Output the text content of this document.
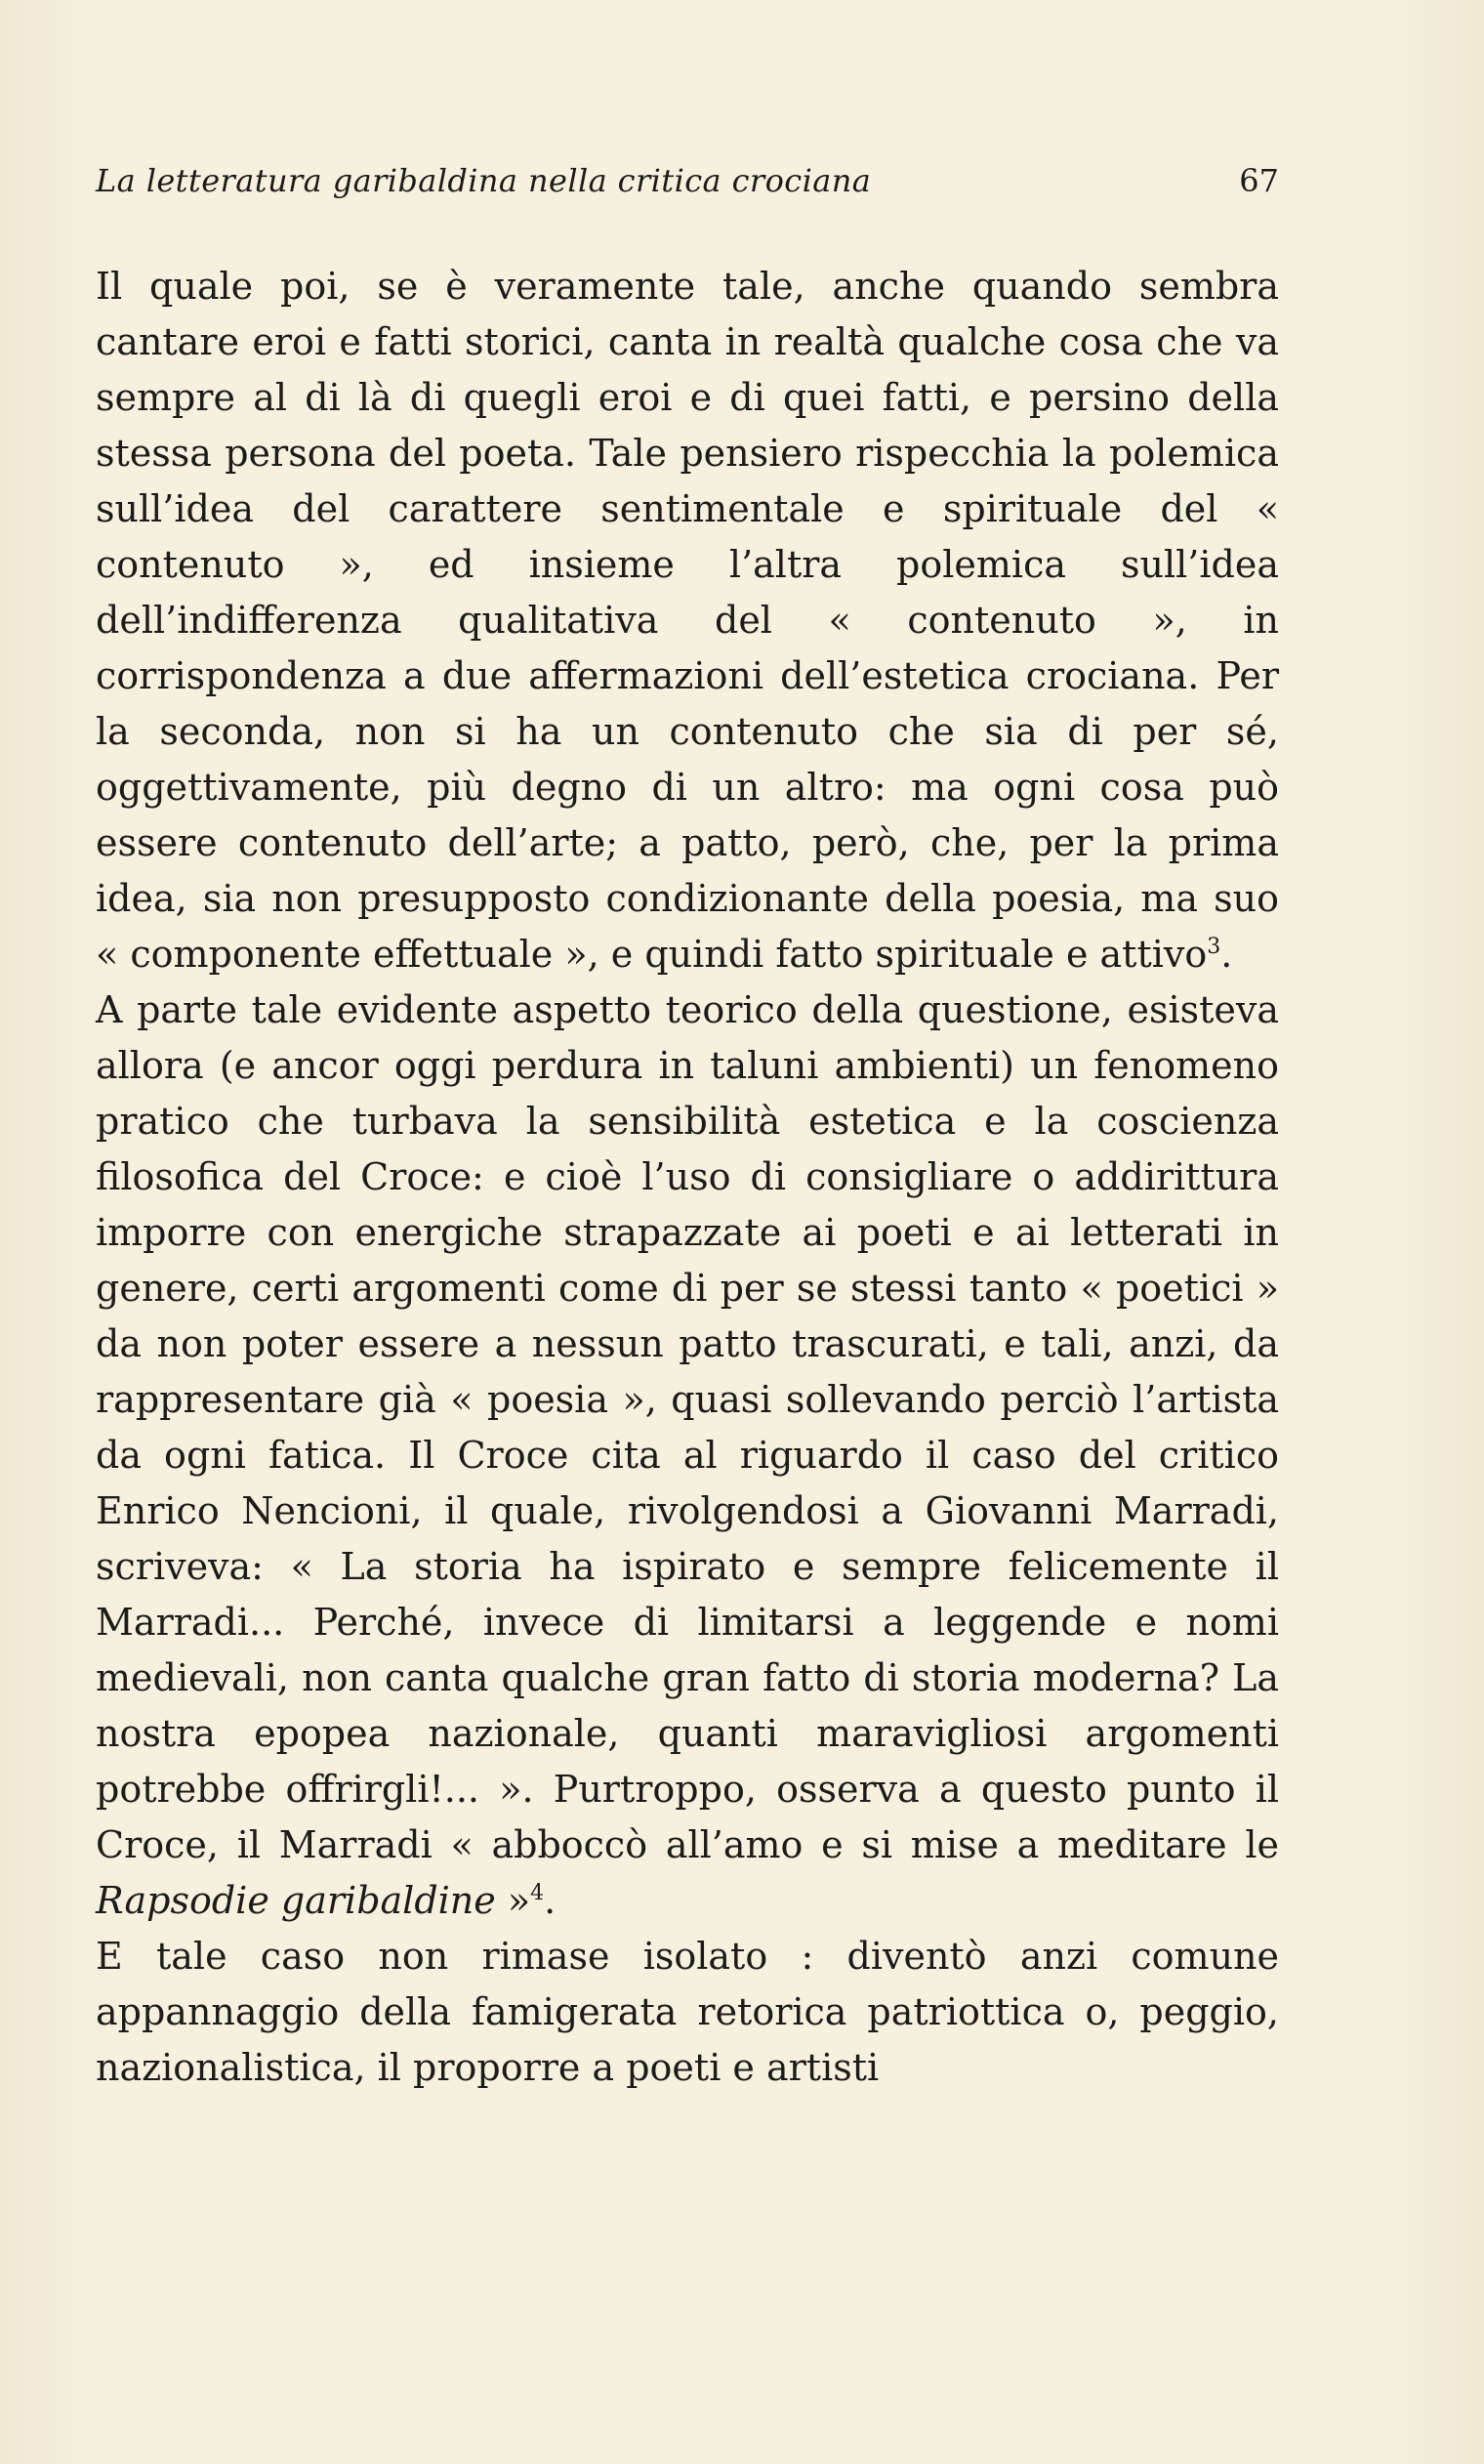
La letteratura garibaldina nella critica crociana	67

Il quale poi, se è veramente tale, anche quando sembra cantare eroi e fatti storici, canta in realtà qualche cosa che va sempre al di là di quegli eroi e di quei fatti, e persino della stessa persona del poeta. Tale pensiero rispecchia la polemica sull’idea del carattere sentimentale e spirituale del « contenuto », ed insieme l’altra polemica sull’idea dell’indifferenza qualitativa del « contenuto », in corrispondenza a due affermazioni dell’estetica crociana. Per la seconda, non si ha un contenuto che sia di per sé, oggettivamente, più degno di un altro: ma ogni cosa può essere contenuto dell’arte; a patto, però, che, per la prima idea, sia non presupposto condizionante della poesia, ma suo « componente effettuale », e quindi fatto spirituale e attivo$^3$.

A parte tale evidente aspetto teorico della questione, esisteva allora (e ancor oggi perdura in taluni ambienti) un fenomeno pratico che turbava la sensibilità estetica e la coscienza filosofica del Croce: e cioè l’uso di consigliare o addirittura imporre con energiche strapazzate ai poeti e ai letterati in genere, certi argomenti come di per se stessi tanto « poetici » da non poter essere a nessun patto trascurati, e tali, anzi, da rappresentare già « poesia », quasi sollevando perciò l’artista da ogni fatica. Il Croce cita al riguardo il caso del critico Enrico Nencioni, il quale, rivolgendosi a Giovanni Marradi, scriveva: « La storia ha ispirato e sempre felicemente il Marradi... Perché, invece di limitarsi a leggende e nomi medievali, non canta qualche gran fatto di storia moderna? La nostra epopea nazionale, quanti maravigliosi argomenti potrebbe offrirgli!... ». Purtroppo, osserva a questo punto il Croce, il Marradi « abboccò all’amo e si mise a meditare le Rapsodie garibaldine »$^4$.

E tale caso non rimase isolato : diventò anzi comune appannaggio della famigerata retorica patriottica o, peggio, nazionalistica, il proporre a poeti e artisti
